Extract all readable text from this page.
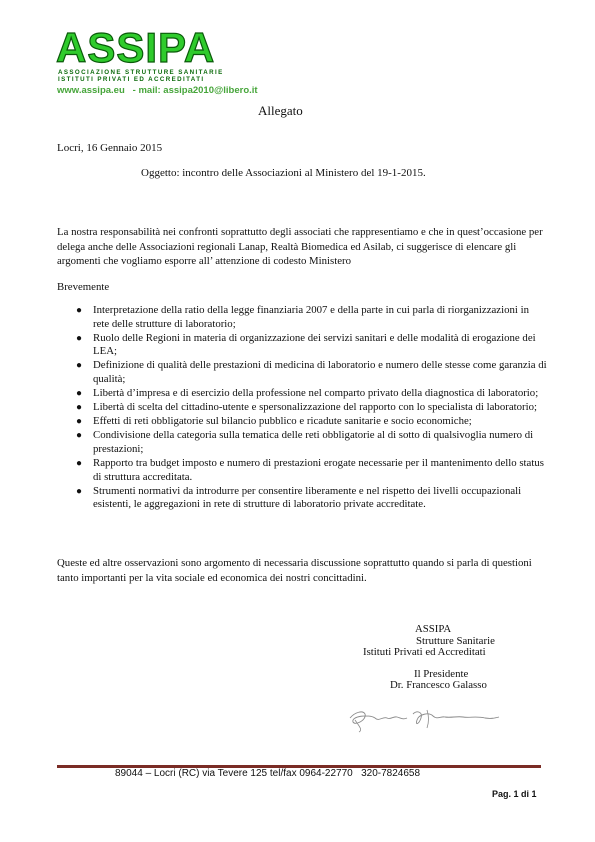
ASSIPA
ASSOCIAZIONE STRUTTURE SANITARIE
ISTITUTI PRIVATI ED ACCREDITATI
www.assipa.eu   - mail: assipa2010@libero.it
Allegato
Locri, 16 Gennaio 2015
Oggetto: incontro delle Associazioni al Ministero del 19-1-2015.
La nostra responsabilità nei confronti soprattutto degli associati che rappresentiamo e che in quest’occasione per delega anche delle Associazioni regionali Lanap, Realtà Biomedica ed Asilab, ci suggerisce di elencare gli argomenti che vogliamo esporre all’ attenzione di codesto Ministero
Brevemente
● Interpretazione della ratio della legge finanziaria 2007 e della parte in cui parla di riorganizzazioni in rete delle strutture di laboratorio;
● Ruolo delle Regioni in materia di organizzazione dei servizi sanitari e delle modalità di erogazione dei LEA;
● Definizione di qualità delle prestazioni di medicina di laboratorio e numero delle stesse come garanzia di qualità;
● Libertà d’impresa e di esercizio della professione nel comparto privato della diagnostica di laboratorio;
● Libertà di scelta del cittadino-utente e spersonalizzazione del rapporto con lo specialista di laboratorio;
● Effetti di reti obbligatorie sul bilancio pubblico e ricadute sanitarie e socio economiche;
● Condivisione della categoria sulla tematica delle reti obbligatorie al di sotto di qualsivoglia numero di prestazioni;
● Rapporto tra budget imposto e numero di prestazioni erogate necessarie per il mantenimento dello status di struttura accreditata.
● Strumenti normativi da introdurre per consentire liberamente e nel rispetto dei livelli occupazionali esistenti, le aggregazioni in rete di strutture di laboratorio private accreditate.
Queste ed altre osservazioni sono argomento di necessaria discussione soprattutto quando si parla di questioni tanto importanti per la vita sociale ed economica dei nostri concittadini.
ASSIPA
Strutture Sanitarie
Istituti Privati ed Accreditati
Il Presidente
Dr. Francesco Galasso
89044 – Locri (RC) via Tevere 125 tel/fax 0964-22770   320-7824658
Pag. 1 di 1
